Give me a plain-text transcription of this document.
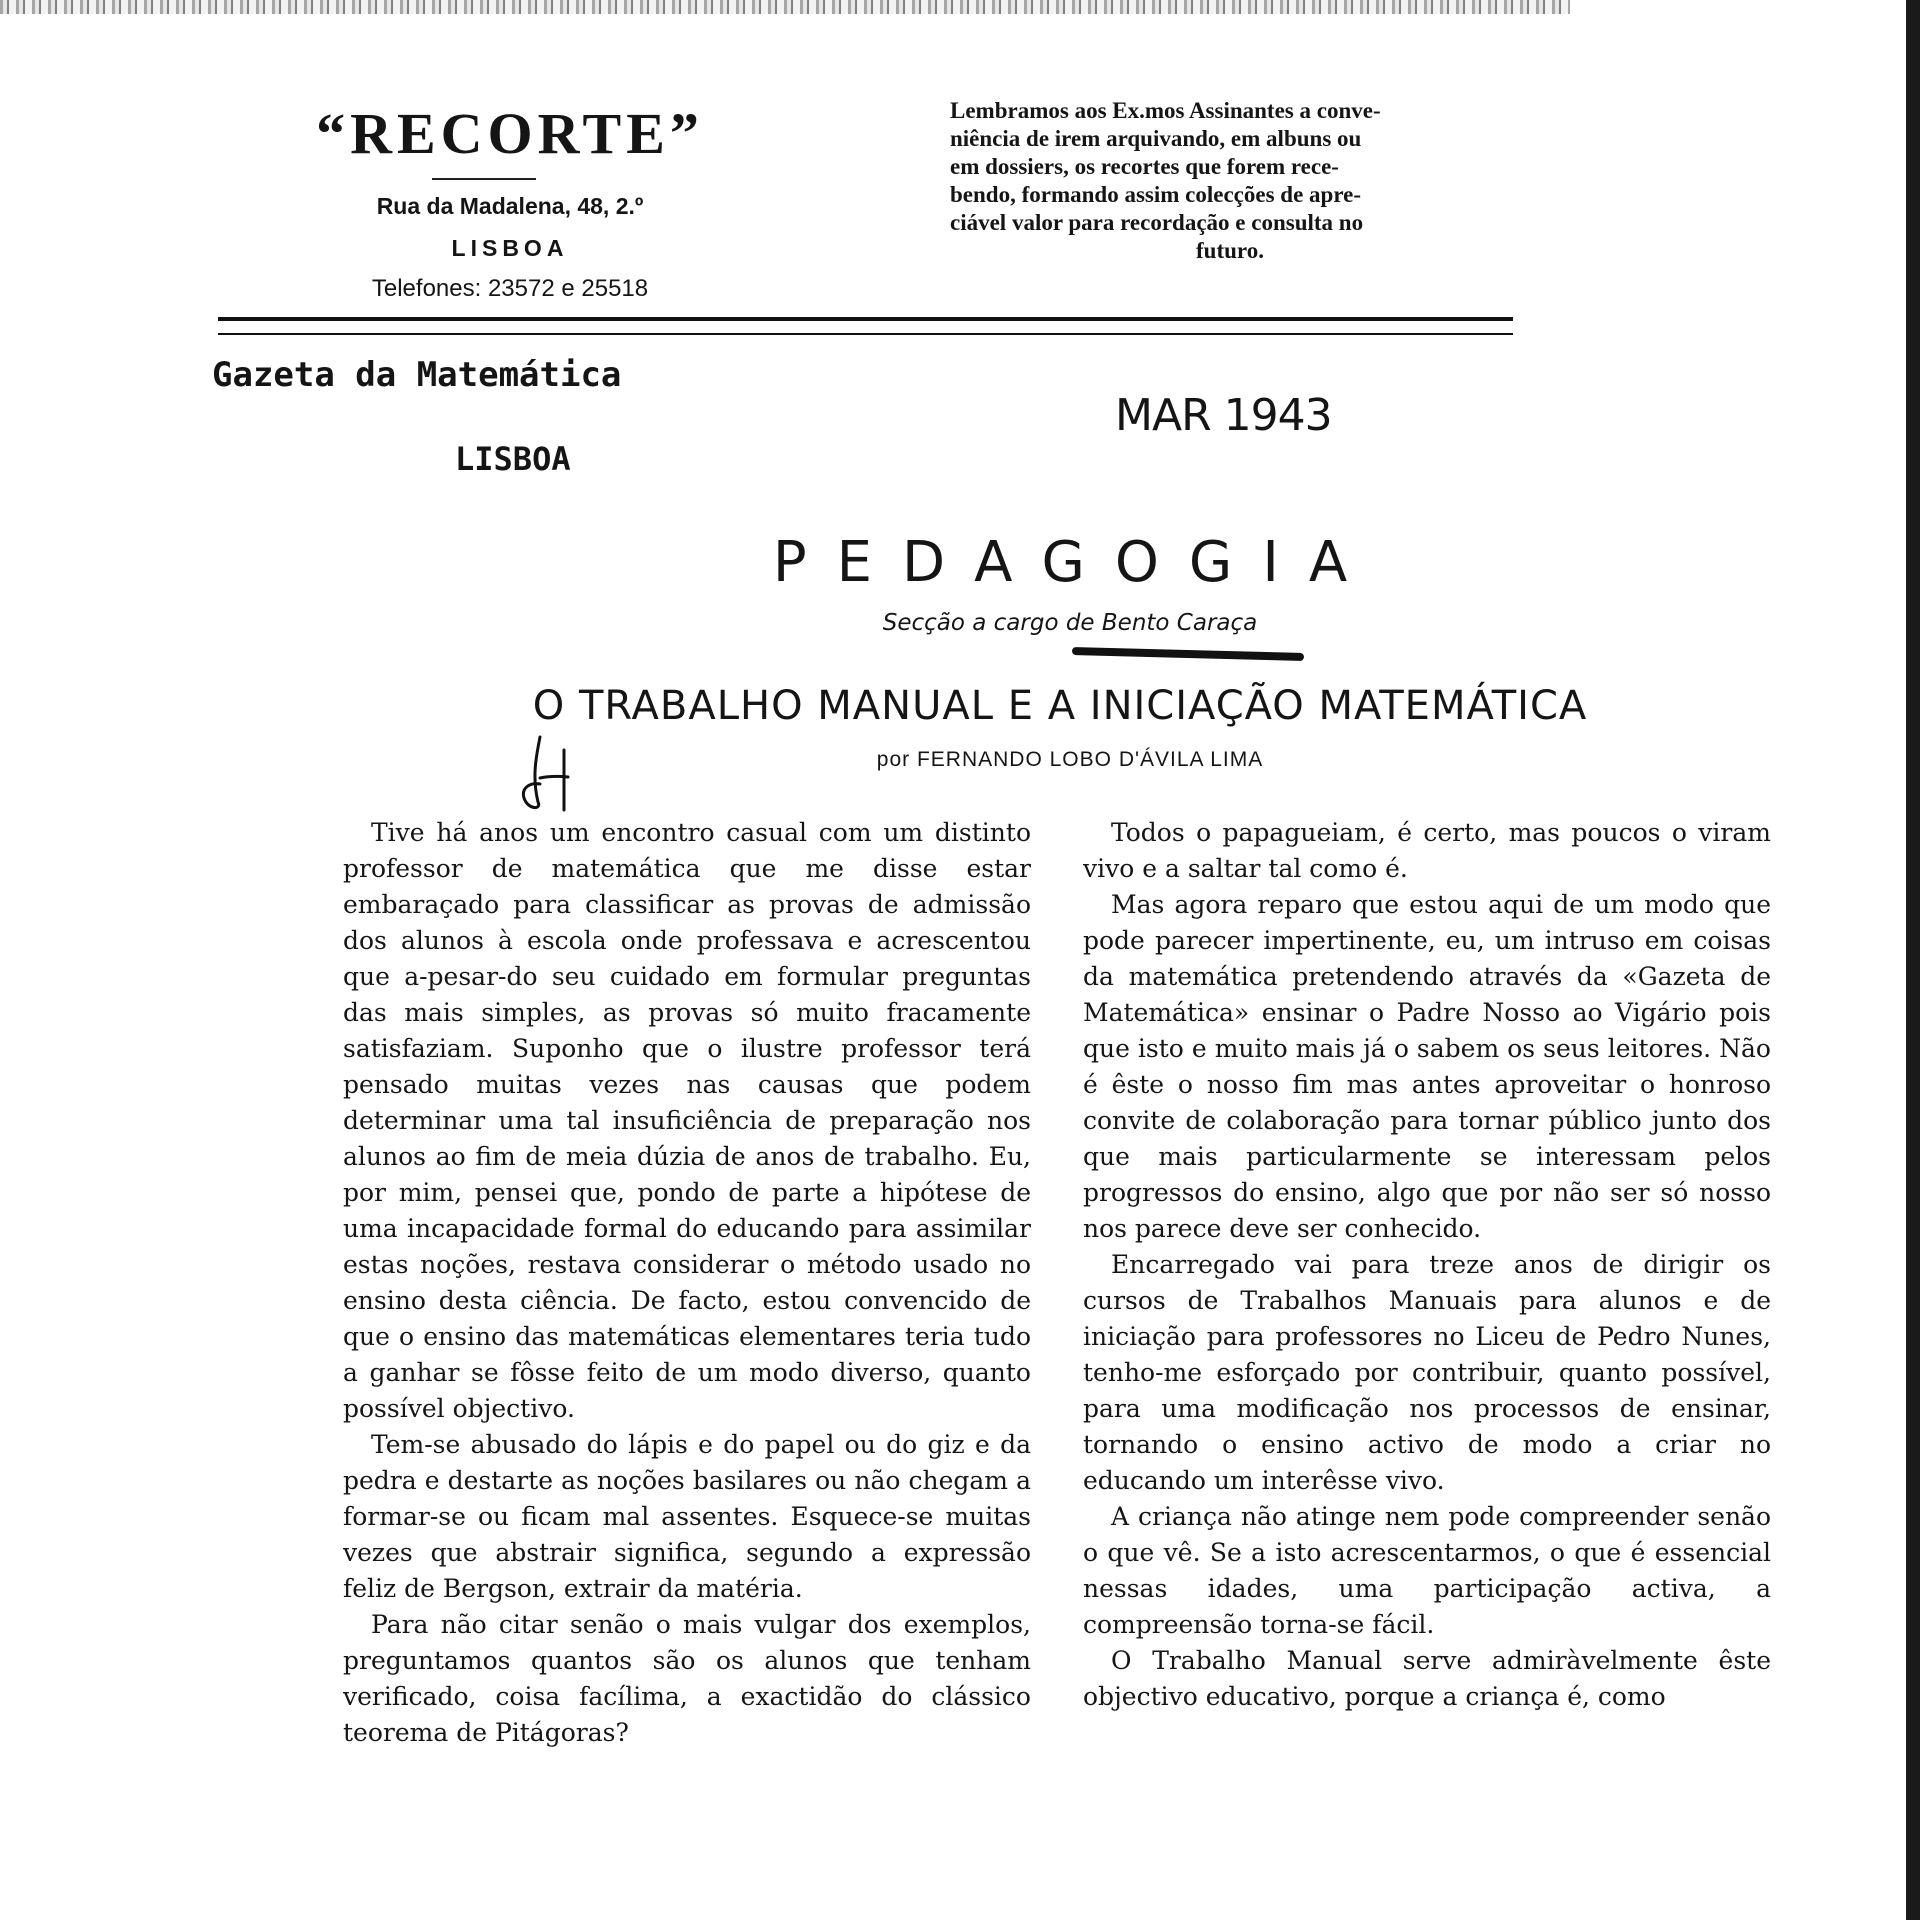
“RECORTE”
Rua da Madalena, 48, 2.º
LISBOA
Telefones: 23572 e 25518
Lembramos aos Ex.mos Assinantes a conve-
niência de irem arquivando, em albuns ou
em dossiers, os recortes que forem rece-
bendo, formando assim colecções de apre-
ciável valor para recordação e consulta no
futuro.
Gazeta da Matemática
LISBOA
MAR 1943
PEDAGOGIA
Secção a cargo de Bento Caraça
O TRABALHO MANUAL E A INICIAÇÃO MATEMÁTICA
por FERNANDO LOBO D'ÁVILA LIMA

Tive há anos um encontro casual com um distinto professor de matemática que me disse estar embaraçado para classificar as provas de admissão dos alunos à escola onde professava e acrescentou que a-pesar-do seu cuidado em formular preguntas das mais simples, as provas só muito fracamente satisfaziam. Suponho que o ilustre professor terá pensado muitas vezes nas causas que podem determinar uma tal insuficiência de preparação nos alunos ao fim de meia dúzia de anos de trabalho. Eu, por mim, pensei que, pondo de parte a hipótese de uma incapacidade formal do educando para assimilar estas noções, restava considerar o método usado no ensino desta ciência. De facto, estou convencido de que o ensino das matemáticas elementares teria tudo a ganhar se fôsse feito de um modo diverso, quanto possível objectivo.

Tem-se abusado do lápis e do papel ou do giz e da pedra e destarte as noções basilares ou não chegam a formar-se ou ficam mal assentes. Esquece-se muitas vezes que abstrair significa, segundo a expressão feliz de Bergson, extrair da matéria.

Para não citar senão o mais vulgar dos exemplos, preguntamos quantos são os alunos que tenham verificado, coisa facílima, a exactidão do clássico teorema de Pitágoras?

Todos o papagueiam, é certo, mas poucos o viram vivo e a saltar tal como é.

Mas agora reparo que estou aqui de um modo que pode parecer impertinente, eu, um intruso em coisas da matemática pretendendo através da «Gazeta de Matemática» ensinar o Padre Nosso ao Vigário pois que isto e muito mais já o sabem os seus leitores. Não é êste o nosso fim mas antes aproveitar o honroso convite de colaboração para tornar público junto dos que mais particularmente se interessam pelos progressos do ensino, algo que por não ser só nosso nos parece deve ser conhecido.

Encarregado vai para treze anos de dirigir os cursos de Trabalhos Manuais para alunos e de iniciação para professores no Liceu de Pedro Nunes, tenho-me esforçado por contribuir, quanto possível, para uma modificação nos processos de ensinar, tornando o ensino activo de modo a criar no educando um interêsse vivo.

A criança não atinge nem pode compreender senão o que vê. Se a isto acrescentarmos, o que é essencial nessas idades, uma participação activa, a compreensão torna-se fácil.

O Trabalho Manual serve admiràvelmente êste objectivo educativo, porque a criança é, como
